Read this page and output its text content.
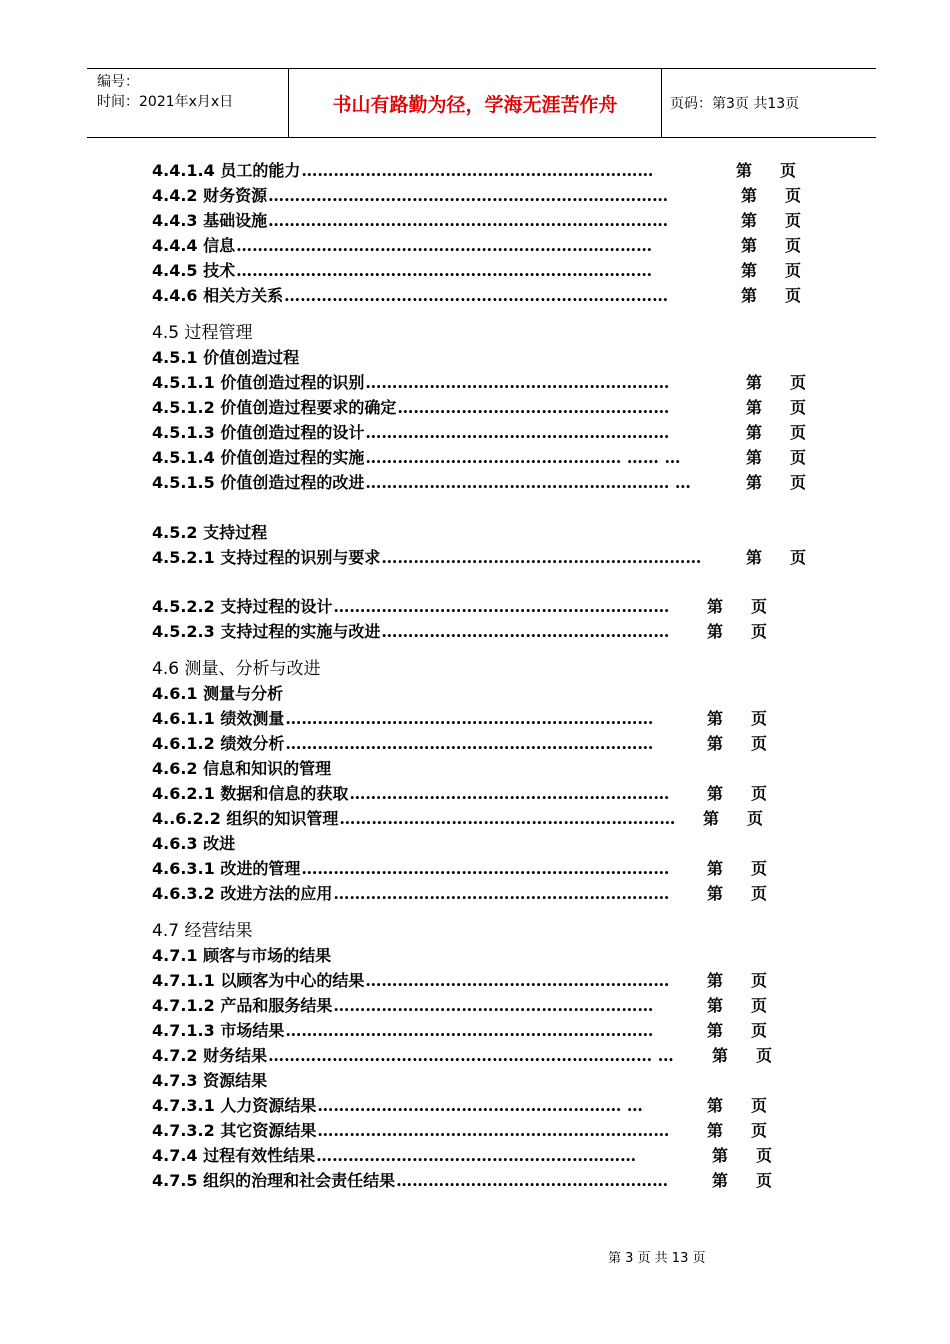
编号：
时间：2021年x月x日	书山有路勤为径，学海无涯苦作舟	页码：第3页 共13页
4.4.1.4 员工的能力 …………………………………………………………	第 页
4.4.2 财务资源 …………………………………………………………………	第 页
4.4.3 基础设施 …………………………………………………………………	第 页
4.4.4 信息 ……………………………………………………………………	第 页
4.4.5 技术 ……………………………………………………………………	第 页
4.4.6 相关方关系 ………………………………………………………………	第 页
4.5 过程管理
4.5.1 价值创造过程
4.5.1.1 价值创造过程的识别 …………………………………………………	第 页
4.5.1.2 价值创造过程要求的确定 ……………………………………………	第 页
4.5.1.3 价值创造过程的设计 …………………………………………………	第 页
4.5.1.4 价值创造过程的实施 ………………………………………… …… …	第 页
4.5.1.5 价值创造过程的改进 ………………………………………………… …	第 页
4.5.2 支持过程
4.5.2.1 支持过程的识别与要求 ……………………………………………………	第 页
4.5.2.2 支持过程的设计 ………………………………………………………	第 页
4.5.2.3 支持过程的实施与改进 ………………………………………………	第 页
4.6 测量、分析与改进
4.6.1 测量与分析
4.6.1.1 绩效测量 ……………………………………………………………	第 页
4.6.1.2 绩效分析 ……………………………………………………………	第 页
4.6.2 信息和知识的管理
4.6.2.1 数据和信息的获取 ……………………………………………………	第 页
4..6.2.2 组织的知识管理 ………………………………………………………	第 页
4.6.3 改进
4.6.3.1 改进的管理 ……………………………………………………………	第 页
4.6.3.2 改进方法的应用 ………………………………………………………	第 页
4.7 经营结果
4.7.1 顾客与市场的结果
4.7.1.1 以顾客为中心的结果 …………………………………………………	第 页
4.7.1.2 产品和服务结果 ……………………………………………………	第 页
4.7.1.3 市场结果 ……………………………………………………………	第 页
4.7.2 财务结果 ……………………………………………………………… …	第 页
4.7.3 资源结果
4.7.3.1 人力资源结果 ………………………………………………… …	第 页
4.7.3.2 其它资源结果 …………………………………………………………	第 页
4.7.4 过程有效性结果 ……………………………………………………	第 页
4.7.5 组织的治理和社会责任结果 ……………………………………………	第 页
第 3 页 共 13 页
